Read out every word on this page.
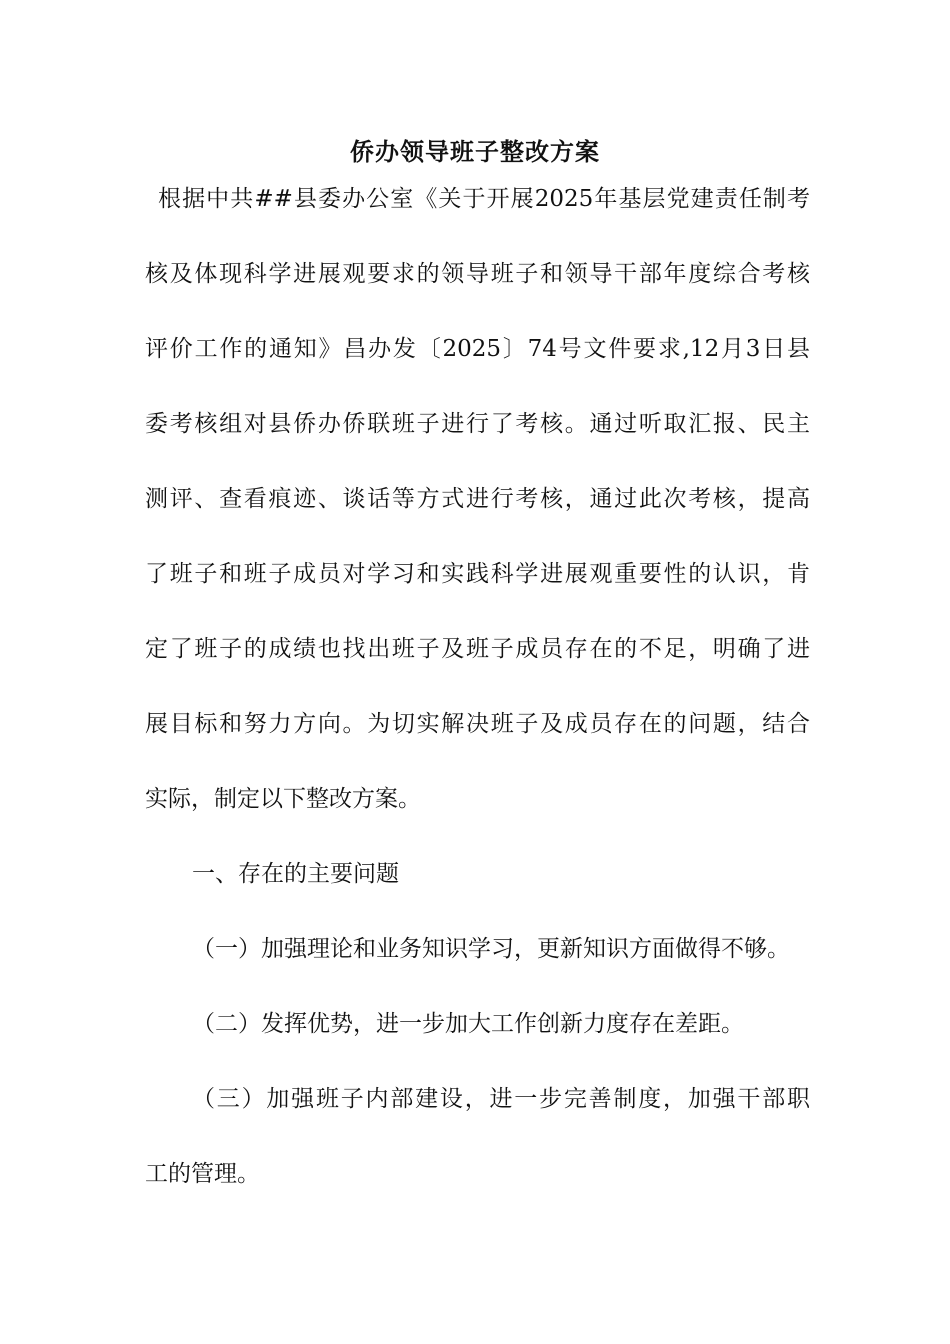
侨办领导班子整改方案
根据中共##县委办公室《关于开展2025年基层党建责任制考
核及体现科学进展观要求的领导班子和领导干部年度综合考核
评价工作的通知》昌办发〔2025〕74号文件要求,12月3日县
委考核组对县侨办侨联班子进行了考核。通过听取汇报、民主
测评、查看痕迹、谈话等方式进行考核，通过此次考核，提高
了班子和班子成员对学习和实践科学进展观重要性的认识，肯
定了班子的成绩也找出班子及班子成员存在的不足，明确了进
展目标和努力方向。为切实解决班子及成员存在的问题，结合
实际，制定以下整改方案。
一、存在的主要问题
（一）加强理论和业务知识学习，更新知识方面做得不够。
（二）发挥优势，进一步加大工作创新力度存在差距。
（三）加强班子内部建设，进一步完善制度，加强干部职
工的管理。
